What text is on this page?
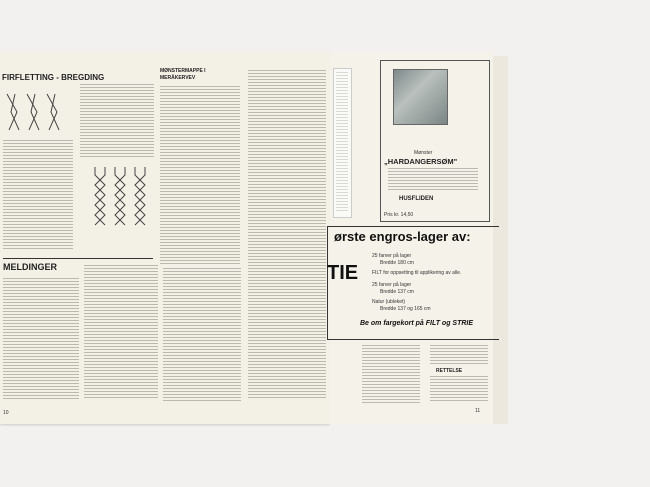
FIRFLETTING - BREGDING
MØNSTERMAPPE I
MERÅKERVEV
MELDINGER
10
Mønster
„HARDANGERSØM"
HUSFLIDEN
Pris kr. 14,50
ørste engros-lager av:
TIE
25 farver på lager
Bredde 180 cm
FILT for oppsetting til applikering av alle.
25 farver på lager
Bredde 137 cm
Natur (ubleket)
Bredde 137 og 165 cm
Be om fargekort på FILT og STRIE
RETTELSE
11
